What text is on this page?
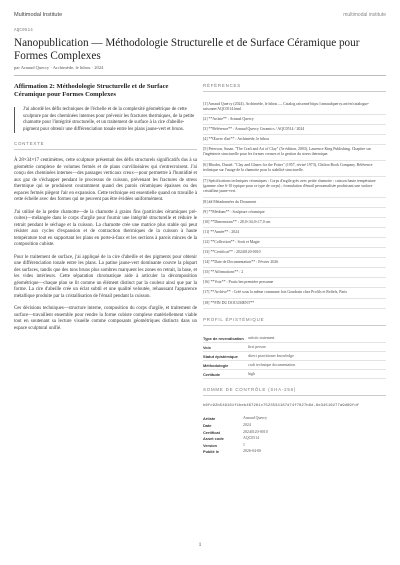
Multimodal Institute	multimodal institute
AQC0514
Nanopublication — Méthodologie Structurelle et de Surface Céramique pour Formes Complexes
par Arnaud Quercy · Archimède, le hibou · 2024
Affirmation 2: Méthodologie Structurelle et de Surface Céramique pour Formes Complexes

J'ai abordé les défis techniques de l'échelle et de la complexité géométrique de cette sculpture par des cheminées internes pour prévenir les fractures thermiques, de la petite chamotte pour l'intégrité structurelle, et un traitement de surface à la cire d'abeille-pigment pour obtenir une différenciation tonale entre les plans jaune-vert et bruns.

CONTEXTE

À 28×34×17 centimètres, cette sculpture présentait des défis structurels significatifs dus à sa géométrie complexe de volumes fermés et de plans curvilinéaires qui s'entrecroisent. J'ai conçu des cheminées internes—des passages verticaux creux—pour permettre à l'humidité et aux gaz de s'échapper pendant le processus de cuisson, prévenant les fractures de stress thermique qui se produisent couramment quand des parois céramiques épaisses ou des espaces fermés piègent l'air en expansion. Cette technique est essentielle quand on travaille à cette échelle avec des formes qui ne peuvent pas être évidées uniformément.

J'ai utilisé de la petite chamotte—de la chamotte à grains fins (particules céramiques pré-cuites)—mélangée dans le corps d'argile pour fournir une intégrité structurelle et réduire le retrait pendant le séchage et la cuisson. La chamotte crée une matrice plus stable qui peut résister aux cycles d'expansion et de contraction thermiques de la cuisson à haute température tout en supportant les plans en porte-à-faux et les sections à parois minces de la composition cubiste.

Pour le traitement de surface, j'ai appliqué de la cire d'abeille et des pigments pour obtenir une différenciation tonale entre les plans. La patine jaune-vert dominante couvre la plupart des surfaces, tandis que des tons bruns plus sombres marquent les zones en retrait, la base, et les vides intérieurs. Cette séparation chromatique aide à articuler la décomposition géométrique—chaque plan se lit comme un élément distinct par la couleur ainsi que par la forme. La cire d'abeille crée un éclat subtil et une qualité veloutée, rehaussant l'apparence métallique produite par la cristallisation de l'émail pendant la cuisson.

Ces décisions techniques—structure interne, composition du corps d'argile, et traitement de surface—travaillent ensemble pour rendre la forme cubiste complexe matériellement viable tout en soutenant sa lecture visuelle comme composants géométriques distincts dans un espace sculptural unifié.

RÉFÉRENCES
[1] Arnaud Quercy (2024). Archimède, le hibou — Catalog raisonné https://arnaudquercy.art/en/catalogue-raisonne/AQC0514.html
[2] **Artiste** : Arnaud Quercy
[3] **Référence** : Arnaud Quercy Ceramics / AQC0514 / 2024
[4] **Œuvre d'art** : Archimède, le hibou
[5] Peterson, Susan. "The Craft and Art of Clay" (5e édition, 2003), Laurence King Publishing. Chapitre sur l'ingénierie structurelle pour les formes creuses et la gestion du stress thermique.
[6] Rhodes, Daniel. "Clay and Glazes for the Potter" (1957, révisé 1973), Chilton Book Company. Référence technique sur l'usage de la chamotte pour la stabilité structurelle.
[7] Spécifications techniques céramiques : Corps d'argile grès avec petite chamotte ; cuisson haute température (gamme cône 6-10 typique pour ce type de corps) ; formulation d'émail personnalisée produisant une surface cristalline jaune-vert.
[8] ## Métadonnées du Document
[9] **Médium** : Sculpture céramique
[10] **Dimensions** : 28,0×34,0×17,0 cm
[11] **Année** : 2024
[12] **Collection** : Sorti et Magie
[13] **Certificat** : 20240120-0010
[14] **Date de Documentation** : Février 2026
[15] **Affirmations** : 2
[16] **Voix** : Pratic/ien première personne
[17] **Archive** : Créé sous la même commune fois Gondrain chez Profils et Reliefs, Paris
[18] **FIN DU DOCUMENT**
PROFIL ÉPISTÉMIQUE
Type de revendication	artistic statement
Voix	first person
Statut épistémique	direct practitioner knowledge
Méthodologie	craft technique documentation
Certitude	high
SOMME DE CONTRÔLE (SHA-256)
b6fc92b549161f1beb467261c7523534187d74f7827b6d-6e34516277a9d89fdf
Artiste	Arnaud Quercy
Date	2024
Certificat	20240120-0010
Asset code	AQC0514
Version	1
Publié le	2026-04-06
1
